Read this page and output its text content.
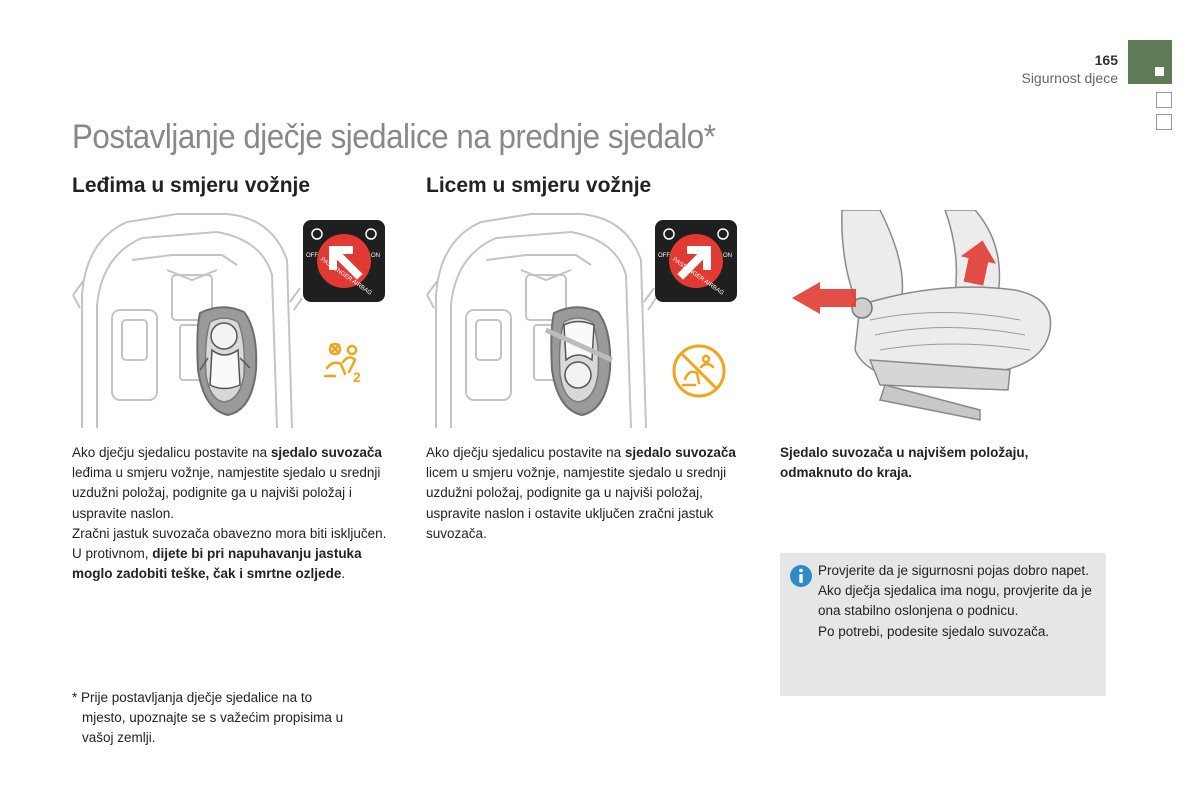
165
Sigurnost djece
Postavljanje dječje sjedalice na prednje sjedalo*
Leđima u smjeru vožnje	Licem u smjeru vožnje
OFF	ON
PASSENGER AIRBAG
2
OFF	ON
PASSENGER AIRBAG

Ako dječju sjedalicu postavite na sjedalo suvozača leđima u smjeru vožnje, namjestite sjedalo u srednji uzdužni položaj, podignite ga u najviši položaj i uspravite naslon.
Zračni jastuk suvozača obavezno mora biti isključen. U protivnom, dijete bi pri napuhavanju jastuka moglo zadobiti teške, čak i smrtne ozljede.

Ako dječju sjedalicu postavite na sjedalo suvozača licem u smjeru vožnje, namjestite sjedalo u srednji uzdužni položaj, podignite ga u najviši položaj, uspravite naslon i ostavite uključen zračni jastuk suvozača.

Sjedalo suvozača u najvišem položaju, odmaknuto do kraja.

Provjerite da je sigurnosni pojas dobro napet.
Ako dječja sjedalica ima nogu, provjerite da je ona stabilno oslonjena o podnicu.
Po potrebi, podesite sjedalo suvozača.
* Prije postavljanja dječje sjedalice na to
mjesto, upoznajte se s važećim propisima u
vašoj zemlji.
